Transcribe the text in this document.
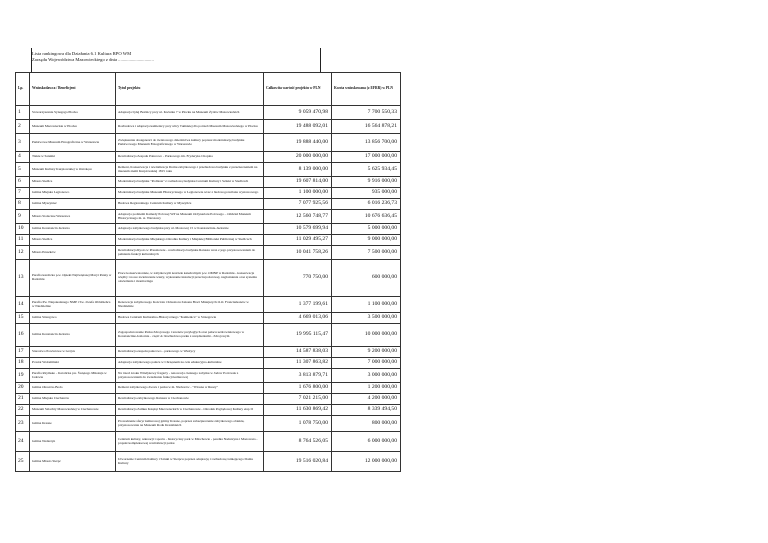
Lista rankingowa dla Działania 6.1 Kultura RPO WM
Zarządu Województwa Mazowieckiego z dnia ...............................
Lp.	Wnioskodawca / Beneficjent	Tytuł projektu	Całkowita wartość projektu w PLN	Kwota wnioskowana (z EFRR) w PLN	
1	Stowarzyszenie Synagoga Płocka	Adaptacja byłej Bożnicy przy ul. Kwiatka 7 w Płocku na Muzeum Żydów Mazowieckich	9 059 470,98	7 700 550,33	
2	Muzeum Mazowieckie w Płocku	Rozbudowa i adaptacja kamienicy przy ulicy Tumskiej dla potrzeb Muzeum Mazowieckiego w Płocku	19 488 092,01	16 564 878,21	
3	Państwowe Muzeum Etnograficzne w Warszawie	Zwiększenie dostępności do światowego dziedzictwa kultury poprzez modernizację budynku Państwowego Muzeum Etnograficznego w Warszawie	19 888 440,00	13 856 700,00	
4	Tiskie w Sanniki	Rewitalizacja Zespołu Pałacowo - Parkowego im. Fryderyka Chopina	20 000 000,00	17 000 000,00	
5	Muzeum Kultury Kurpiowskiej w Ostrołęce	Remont, Konserwacja i rewitalizacja Domu zabytkowego i przebudowa budynku z przeznaczeniem na muzeum ziemi Kurpiowskiej 1815 roku	8 139 000,00	5 625 934,45	
6	Miasto Siedlce	Modernizacja budynku "Podlasie" z rozbudową budynku Centrum Kultury i Sztuki w Siedlcach	19 607 814,00	9 916 000,00	
7	Gmina Miejska Legionowo	Modernizacja budynku Muzeum Historycznego w Legionowie wraz z budową pawilonu wystawowego	1 100 000,00	935 000,00	
8	Gmina Myszyniec	Budowa Regionalnego Centrum Kultury w Myszyńcu	7 077 925,56	6 016 236,73	
9	Miasto Stołeczne Warszawa	Adaptacja podziemi Kamedy Polowej WP na Muzeum Ordynariatu Polowego – Oddział Muzeum Historycznego m. st. Warszawy	12 560 748,77	10 676 636,45	
10	Gmina Konstancin Jeziorna	Adaptacja zabytkowego budynku przy ul. Mostowej 15 w Konstancinie-Jeziornie	10 579 699,94	5 000 000,00	
11	Miasto Siedlce	Modernizacja budynku Miejskiego Ośrodka Kultury i Miejskiej Biblioteki Publicznej w Siedlcach	11 029 495,27	9 000 000,00	
12	Miasto Pruszków	Rewitalizacja Ryoto w Pruszkowie - rewitalizacja budynku Ratusza wraz z jego przystosowaniem do pełnienia funkcji kulturalnych	10 041 758,26	7 500 000,00	
13	Parafia katolicka p.w. Opieki Najświętszej Maryi Panny w Radomiu	Prace konserwatorskie, w zabytkowym kościele katedralnym p.w. OMNP w Radomiu - konserwacja więźby i nowe zwieńczenie wieży, wykonanie instalacji przeciwpożarowej, nagłośnienia oraz systemu oświetlenia i monitoringu	770 750,00	600 000,00	
14	Parafia Pw. Niepokalanego NMP i Sw. Józefa Oblubieńca w Niedzielnie	Renowacja zabytkowego Kościoła i Klasztoru Zakonu Braci Mniejszych O.O. Franciszkanów w Niedzielnie	1 377 199,61	1 100 000,00	
15	Gmina Strzegowo	Budowa Centrum Kulturalno-Historycznego "Kamienica" w Strzegowie	4 669 013,06	3 500 000,00	
16	Gmina Konstancin Jeziorna	Zagospodarowanie Parku Zdrojowego i terenów przyległych oraz pałacu uzdrowiskowego w Konstancinie-Jeziornie - część A: Rozbudowa parku z urządzeniami - Zdrojowym	19 995 115,47	10 000 000,00	
17	Starostwo Powiatowe w Grójcu	Rewitalizacja zespołu pałacowo - parkowego w Wieżycy	14 587 838,03	9 200 000,00	
18	Powiat Wołomiński	Adaptacja zabytkowego pałacu w Chrzęsnem na cele edukacyjno-kulturalne	11 307 863,82	7 000 000,00	
19	Parafia Rzymsko - Katolicka pw. Świętego Mikołaja w Jadowie	Na trzeci kroku Windykowy fragarty - renowacja ciennego zabytku w Jadów Portowsk z przystosowaniem do zwiedzania funkcji kulturowej	3 813 879,71	3 000 000,00	
20	Gmina Ołoszów-Bodo	Remont zabytkowego dworu i parku w m. Nieborów - "Wiosna w Ruszy"	1 676 800,00	1 200 000,00	
21	Gmina Miejska Ciechanów	Rewitalizacja zabytkowego Ratusza w Ciechanowie	7 021 215,00	4 200 000,00	
22	Muzeum Szlachty Mazowieckiej w Ciechanowie	Rewitalizacja Zamku Książąt Mazowieckich w Ciechanowie - Ośrodek Poglądowej Kultury etap II	11 630 869,42	8 339 494,50	
23	Gmina Krasne	Prowadzenie sferyr kulturowej gminy Krasne, poprzez zabezpieczenie zabytkowego obiektu, przystosowanie na Muzeum Rodu Krasińskich	1 078 750,00	800 000,00	
24	Gmina Nadarzyn	Centrum kultury, rekreacji i sportu - historyczny park w Młochowie - perełka Nadarzyna i Mazowsza - projekt kompleksowej rewitalizacji parku	8 764 526,05	6 000 000,00	
25	Gmina Miasto Sierpc	Utworzenie Centrum Kultury i Sztuki w Sierpcu poprzez adaptację i rozbudowę istniejącego Domu Kultury	19 516 020,84	12 000 000,00	
